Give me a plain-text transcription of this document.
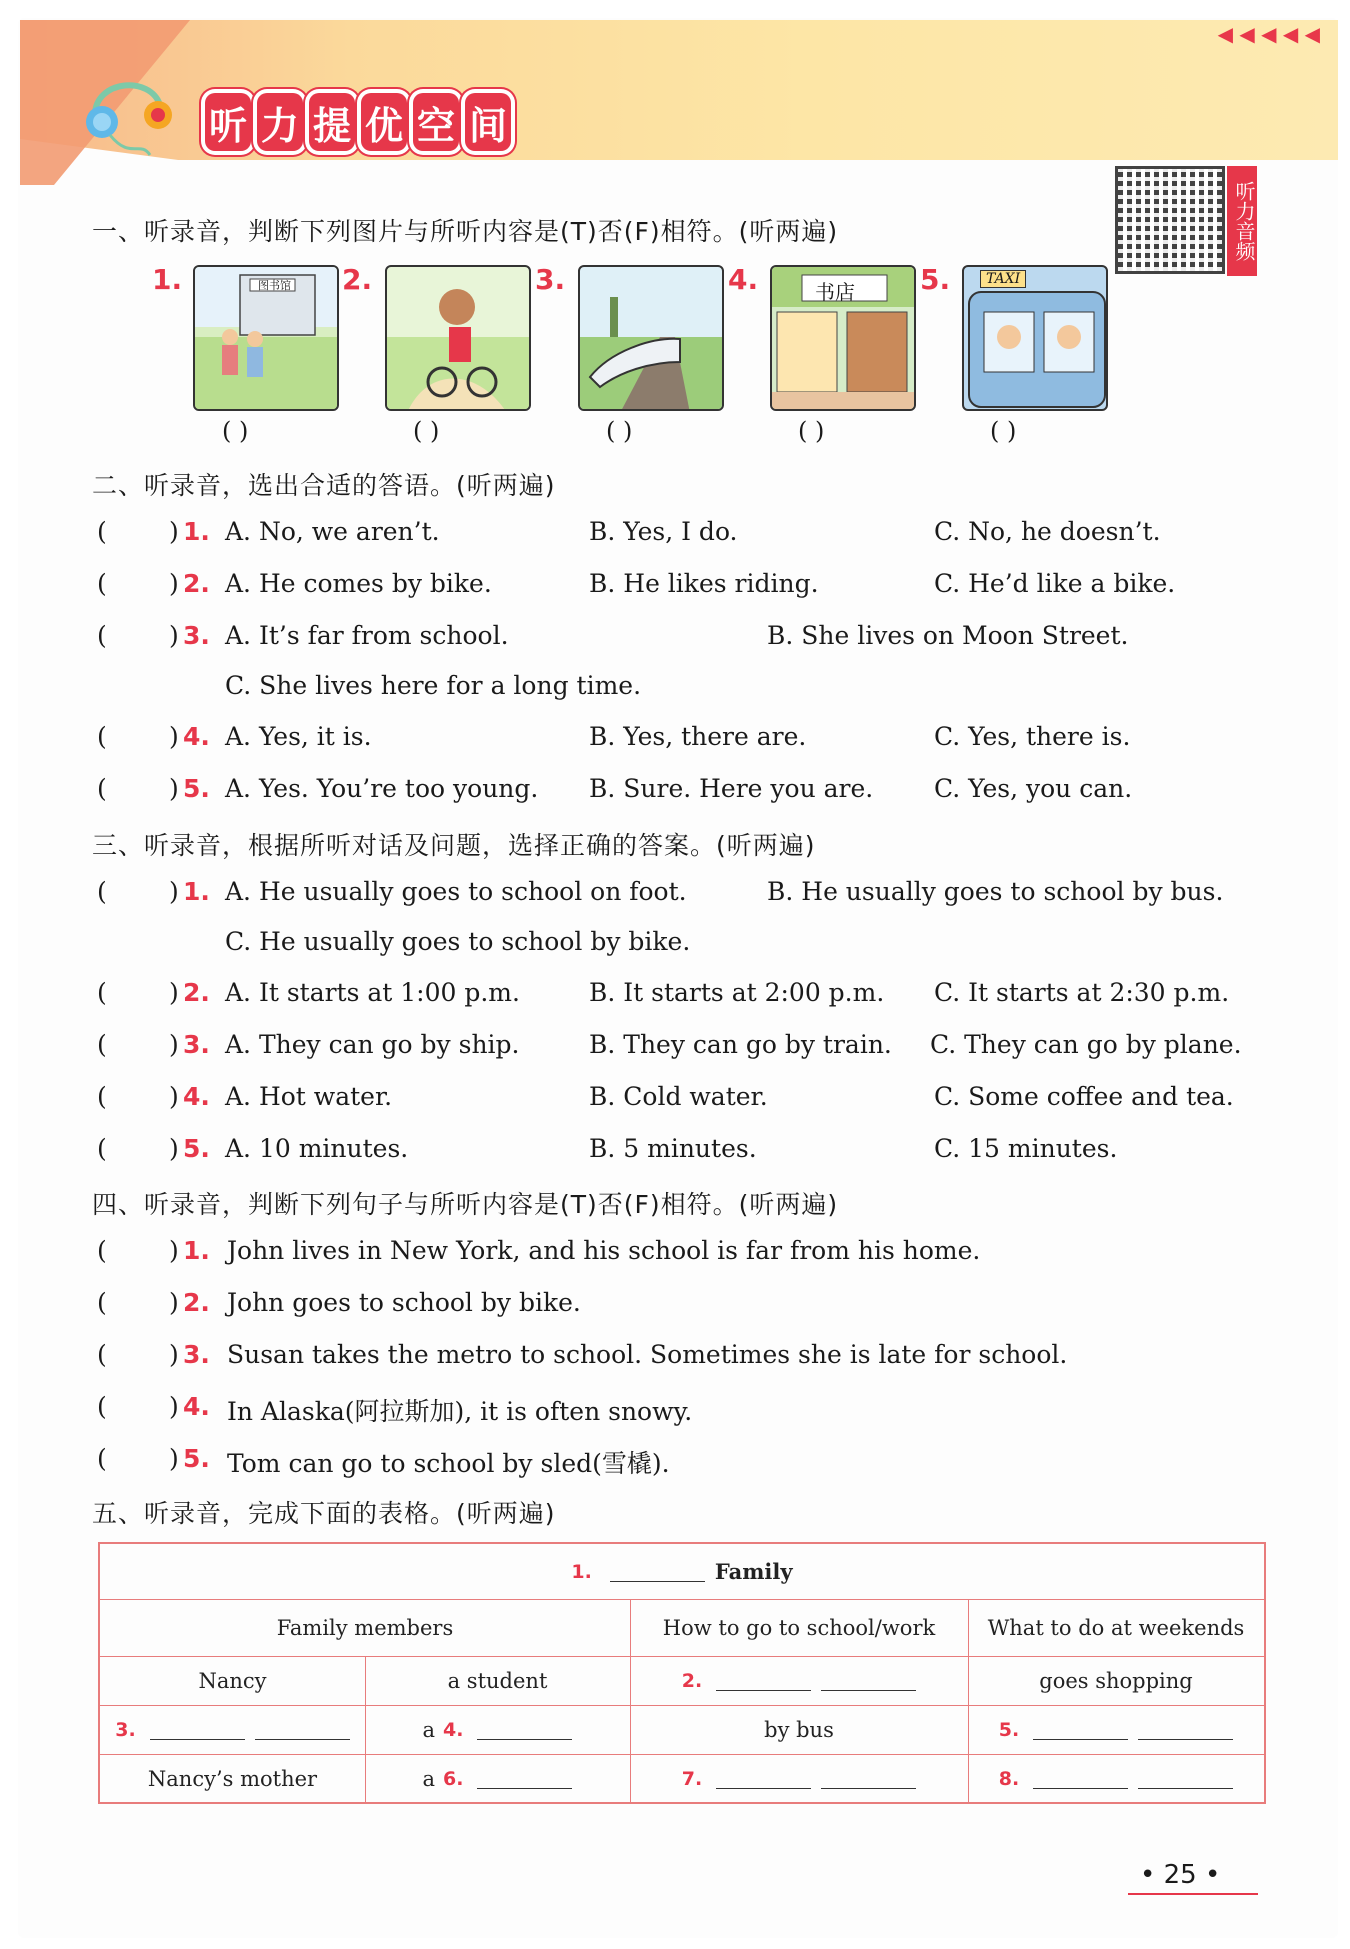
◀ ◀ ◀ ◀ ◀
听 力 提 优 空 间
听力音频
一、听录音，判断下列图片与所听内容是(T)否(F)相符。(听两遍)
1.	图书馆 2.	3.	4.	书店 5.	TAXI
( )	( )	( )	( )	( )
二、听录音，选出合适的答语。(听两遍)
( ) 1. A. No, we aren’t.	B. Yes, I do.	C. No, he doesn’t.
( ) 2. A. He comes by bike.	B. He likes riding.	C. He’d like a bike.
( ) 3. A. It’s far from school.	B. She lives on Moon Street.
C. She lives here for a long time.
( ) 4. A. Yes, it is.	B. Yes, there are.	C. Yes, there is.
( ) 5. A. Yes. You’re too young. B. Sure. Here you are. C. Yes, you can.
三、听录音，根据所听对话及问题，选择正确的答案。(听两遍)
( ) 1. A. He usually goes to school on foot.	B. He usually goes to school by bus.
C. He usually goes to school by bike.
( ) 2. A. It starts at 1:00 p.m.	B. It starts at 2:00 p.m. C. It starts at 2:30 p.m.
( ) 3. A. They can go by ship.	B. They can go by train. C. They can go by plane.
( ) 4. A. Hot water.	B. Cold water.	C. Some coffee and tea.
( ) 5. A. 10 minutes.	B. 5 minutes.	C. 15 minutes.
四、听录音，判断下列句子与所听内容是(T)否(F)相符。(听两遍)
( ) 1. John lives in New York, and his school is far from his home.
( ) 2. John goes to school by bike.
( ) 3. Susan takes the metro to school. Sometimes she is late for school.
( ) 4. In Alaska(阿拉斯加), it is often snowy.
( ) 5. Tom can go to school by sled(雪橇).
五、听录音，完成下面的表格。(听两遍)
1.	Family
Family members	How to go to school/work	What to do at weekends
Nancy	a student	2.	goes shopping
3.	a 4.	by bus	5.
Nancy’s mother	a 6.	7.	8.
• 25 •
